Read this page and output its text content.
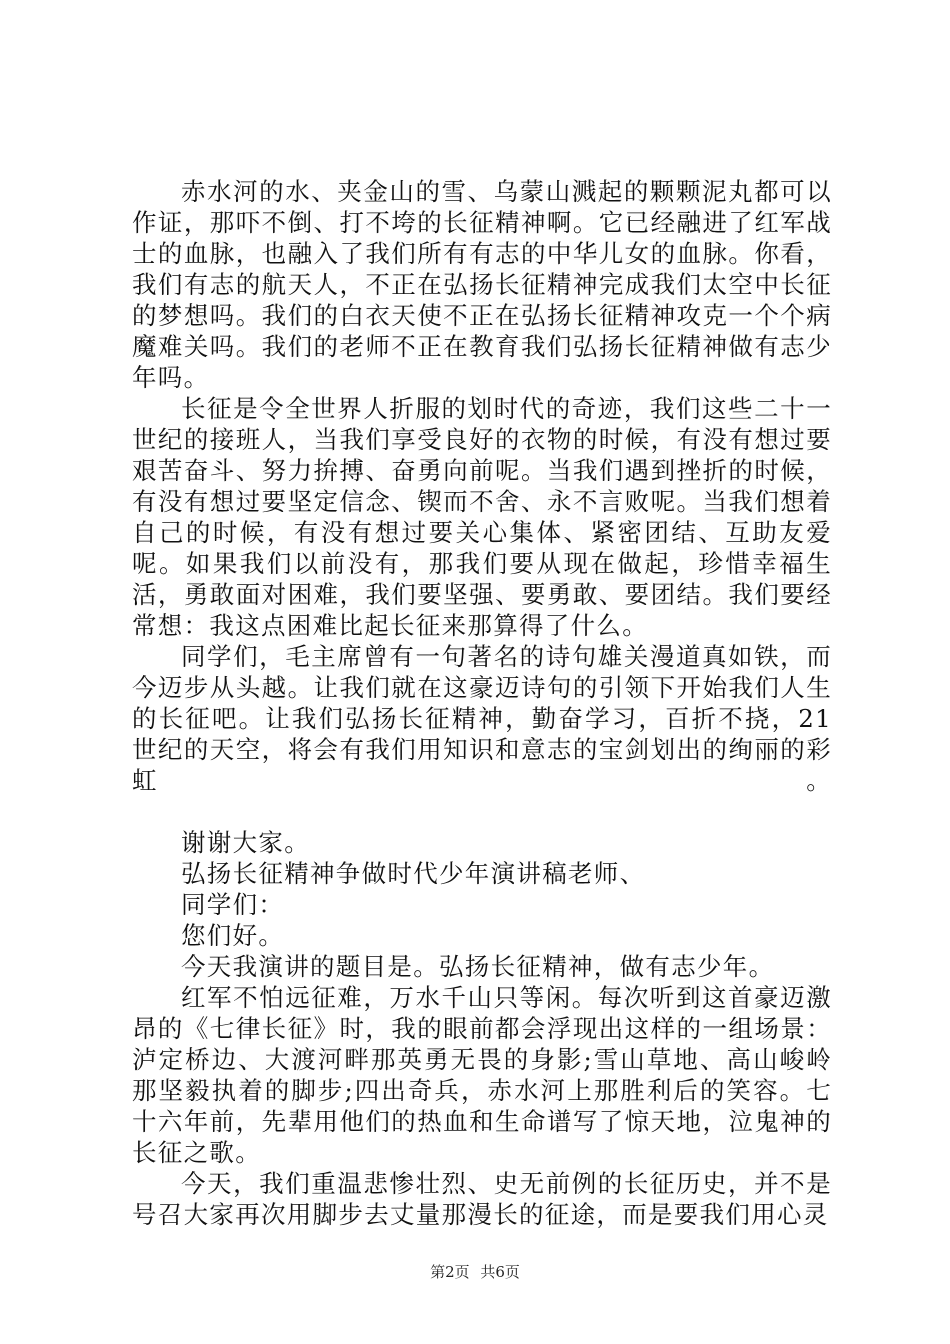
赤水河的水、夹金山的雪、乌蒙山溅起的颗颗泥丸都可以作证，那吓不倒、打不垮的长征精神啊。它已经融进了红军战士的血脉，也融入了我们所有有志的中华儿女的血脉。你看，我们有志的航天人，不正在弘扬长征精神完成我们太空中长征的梦想吗。我们的白衣天使不正在弘扬长征精神攻克一个个病魔难关吗。我们的老师不正在教育我们弘扬长征精神做有志少年吗。

长征是令全世界人折服的划时代的奇迹，我们这些二十一世纪的接班人，当我们享受良好的衣物的时候，有没有想过要艰苦奋斗、努力拚搏、奋勇向前呢。当我们遇到挫折的时候，有没有想过要坚定信念、锲而不舍、永不言败呢。当我们想着自己的时候，有没有想过要关心集体、紧密团结、互助友爱呢。如果我们以前没有，那我们要从现在做起，珍惜幸福生活，勇敢面对困难，我们要坚强、要勇敢、要团结。我们要经常想：我这点困难比起长征来那算得了什么。

同学们，毛主席曾有一句著名的诗句雄关漫道真如铁，而今迈步从头越。让我们就在这豪迈诗句的引领下开始我们人生的长征吧。让我们弘扬长征精神，勤奋学习，百折不挠，21世纪的天空，将会有我们用知识和意志的宝剑划出的绚丽的彩虹。

谢谢大家。

弘扬长征精神争做时代少年演讲稿老师、

同学们：

您们好。

今天我演讲的题目是。弘扬长征精神，做有志少年。

红军不怕远征难，万水千山只等闲。每次听到这首豪迈激昂的《七律长征》时，我的眼前都会浮现出这样的一组场景：泸定桥边、大渡河畔那英勇无畏的身影;雪山草地、高山峻岭那坚毅执着的脚步;四出奇兵，赤水河上那胜利后的笑容。七十六年前，先辈用他们的热血和生命谱写了惊天地，泣鬼神的长征之歌。

今天，我们重温悲惨壮烈、史无前例的长征历史，并不是号召大家再次用脚步去丈量那漫长的征途，而是要我们用心灵

第2页 共6页
